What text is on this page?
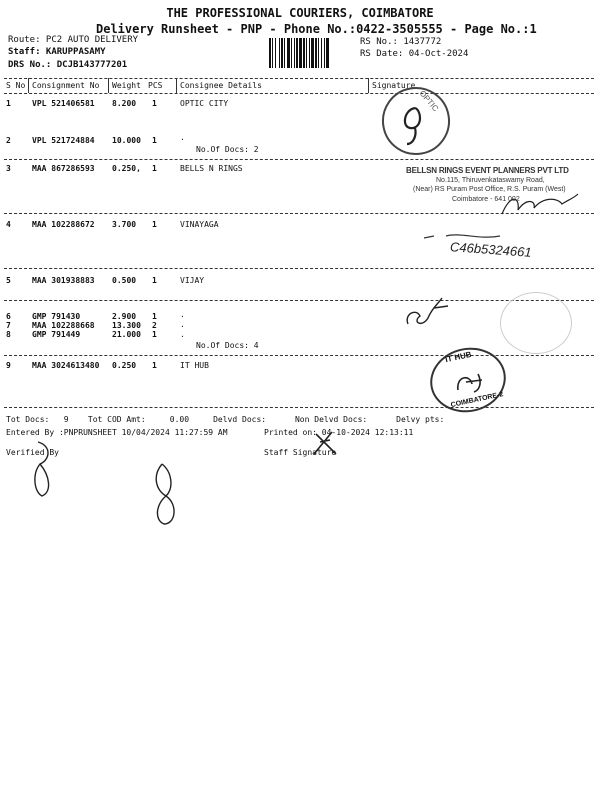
THE PROFESSIONAL COURIERS, COIMBATORE
Delivery Runsheet - PNP - Phone No.:0422-3505555 - Page No.:1
Route: PC2 AUTO DELIVERY
Staff: KARUPPASAMY
DRS No.: DCJB143777201
RS No.: 1437772
RS Date: 04-Oct-2024
S No Consignment No Weight PCS Consignee Details	Signature
1	VPL 521406581 8.200 1	OPTIC CITY
2	VPL 521724884 10.000 1	.
No.Of Docs: 2
3	MAA 867286593 0.250, 1	BELLS N RINGS
4	MAA 102288672 3.700 1	VINAYAGA
5	MAA 301938883 0.500 1	VIJAY
6	GMP 791430	2.900 1	.
7	MAA 102288668 13.300 2	.
8	GMP 791449	21.000 1	.
No.Of Docs: 4
9	MAA 3024613480 0.250 1	IT HUB
OPTIC
BELLSN RINGS EVENT PLANNERS PVT LTD
No.115, Thiruvenkataswamy Road,
(Near) RS Puram Post Office, R.S. Puram (West)
Coimbatore - 641 002
C46b5324661
IT HUB
COIMBATORE-2
Tot Docs:   9    Tot COD Amt:     0.00     Delvd Docs:      Non Delvd Docs:      Delvy pts:
Entered By :PNPRUNSHEET 10/04/2024 11:27:59 AM	Printed on: 04-10-2024 12:13:11
Verified By	Staff Signature
